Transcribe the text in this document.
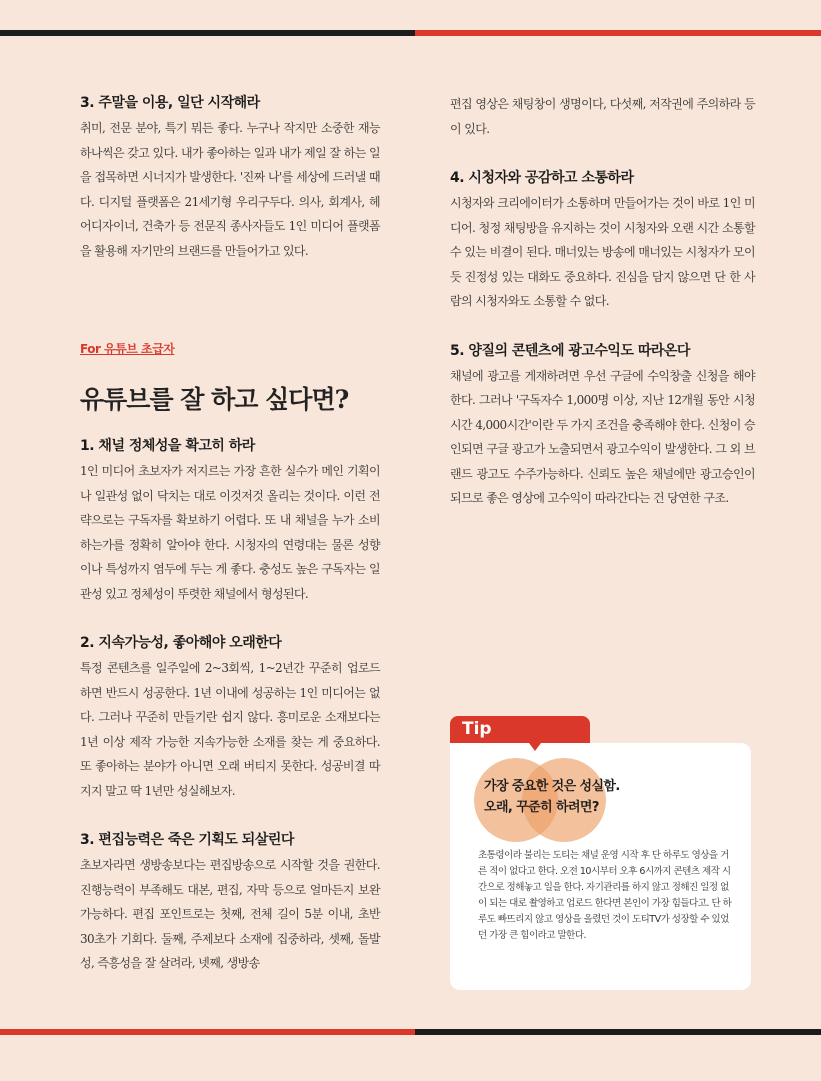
3. 주말을 이용, 일단 시작해라

취미, 전문 분야, 특기 뭐든 좋다. 누구나 작지만 소중한 재능 하나씩은 갖고 있다. 내가 좋아하는 일과 내가 제일 잘 하는 일을 접목하면 시너지가 발생한다. '진짜 나'를 세상에 드러낼 때다. 디지털 플랫폼은 21세기형 우리구두다. 의사, 회계사, 헤어디자이너, 건축가 등 전문직 종사자들도 1인 미디어 플랫폼을 활용해 자기만의 브랜드를 만들어가고 있다.

For 유튜브 초급자
유튜브를 잘 하고 싶다면?
1. 채널 정체성을 확고히 하라

1인 미디어 초보자가 저지르는 가장 흔한 실수가 메인 기획이나 일관성 없이 닥치는 대로 이것저것 올리는 것이다. 이런 전략으로는 구독자를 확보하기 어렵다. 또 내 채널을 누가 소비하는가를 정확히 알아야 한다. 시청자의 연령대는 물론 성향이나 특성까지 염두에 두는 게 좋다. 충성도 높은 구독자는 일관성 있고 정체성이 뚜렷한 채널에서 형성된다.

2. 지속가능성, 좋아해야 오래한다

특정 콘텐츠를 일주일에 2~3회씩, 1~2년간 꾸준히 업로드하면 반드시 성공한다. 1년 이내에 성공하는 1인 미디어는 없다. 그러나 꾸준히 만들기란 쉽지 않다. 흥미로운 소재보다는 1년 이상 제작 가능한 지속가능한 소재를 찾는 게 중요하다. 또 좋아하는 분야가 아니면 오래 버티지 못한다. 성공비결 따지지 말고 딱 1년만 성실해보자.

3. 편집능력은 죽은 기획도 되살린다

초보자라면 생방송보다는 편집방송으로 시작할 것을 권한다. 진행능력이 부족해도 대본, 편집, 자막 등으로 얼마든지 보완가능하다. 편집 포인트로는 첫째, 전체 길이 5분 이내, 초반 30초가 기회다. 둘째, 주제보다 소재에 집중하라, 셋째, 돌발성, 즉흥성을 잘 살려라, 넷째, 생방송

편집 영상은 채팅창이 생명이다, 다섯째, 저작권에 주의하라 등이 있다.

4. 시청자와 공감하고 소통하라

시청자와 크리에이터가 소통하며 만들어가는 것이 바로 1인 미디어. 청정 채팅방을 유지하는 것이 시청자와 오랜 시간 소통할 수 있는 비결이 된다. 매너있는 방송에 매너있는 시청자가 모이듯 진정성 있는 대화도 중요하다. 진심을 담지 않으면 단 한 사람의 시청자와도 소통할 수 없다.

5. 양질의 콘텐츠에 광고수익도 따라온다

채널에 광고를 게재하려면 우선 구글에 수익창출 신청을 해야 한다. 그러나 '구독자수 1,000명 이상, 지난 12개월 동안 시청시간 4,000시간'이란 두 가지 조건을 충족해야 한다. 신청이 승인되면 구글 광고가 노출되면서 광고수익이 발생한다. 그 외 브랜드 광고도 수주가능하다. 신뢰도 높은 채널에만 광고승인이 되므로 좋은 영상에 고수익이 따라간다는 건 당연한 구조.

Tip

가장 중요한 것은 성실함.
오래, 꾸준히 하려면?

초통령이라 불리는 도티는 채널 운영 시작 후 단 하루도 영상을 거른 적이 없다고 한다. 오전 10시부터 오후 6시까지 콘텐츠 제작 시간으로 정해놓고 일을 한다. 자기관리를 하지 않고 정해진 일정 없이 되는 대로 촬영하고 업로드 한다면 본인이 가장 힘들다고. 단 하루도 빠뜨리지 않고 영상을 올렸던 것이 도티TV가 성장할 수 있었던 가장 큰 힘이라고 말한다.
